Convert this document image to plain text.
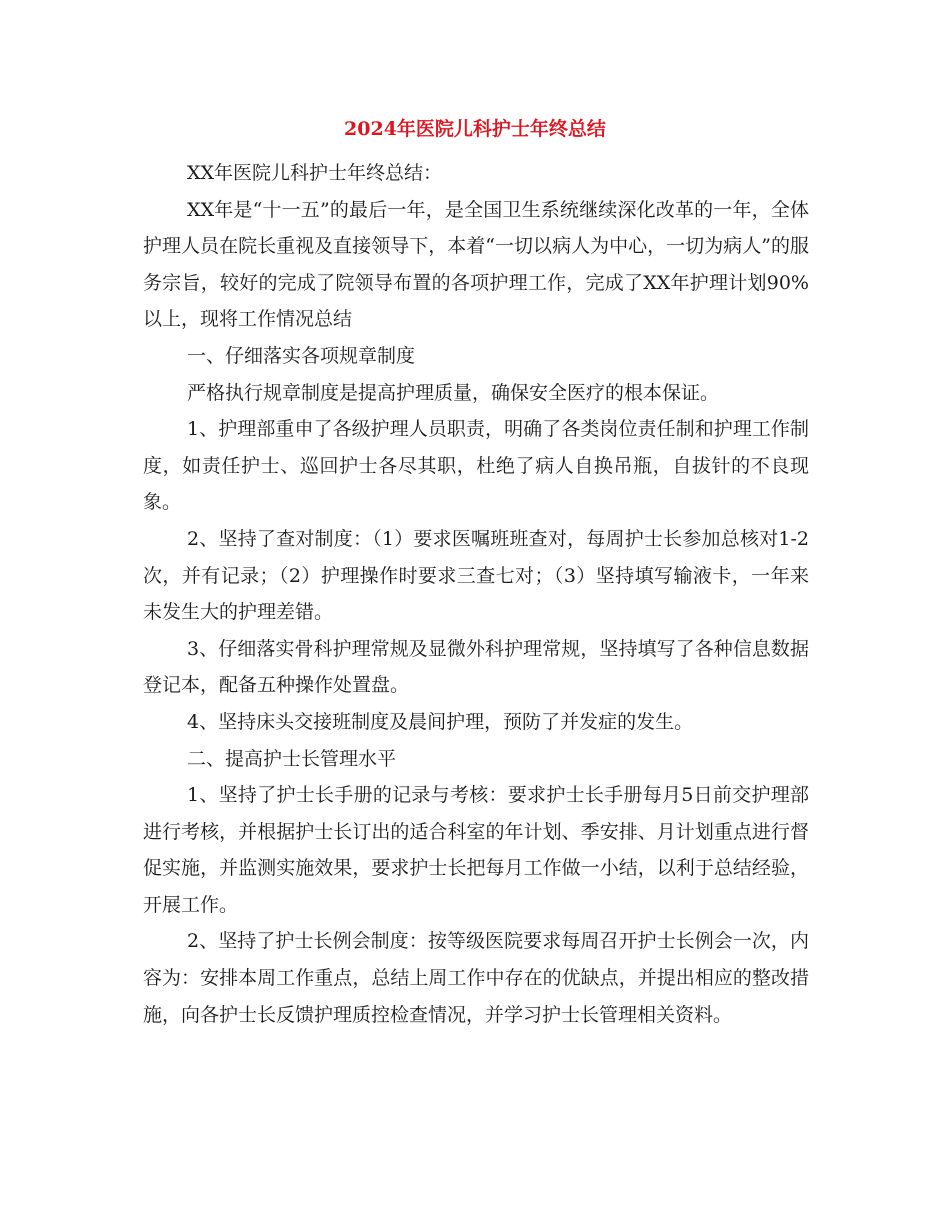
2024年医院儿科护士年终总结

XX年医院儿科护士年终总结：

XX年是“十一五”的最后一年，是全国卫生系统继续深化改革的一年，全体护理人员在院长重视及直接领导下，本着“一切以病人为中心，一切为病人”的服务宗旨，较好的完成了院领导布置的各项护理工作，完成了XX年护理计划90%以上，现将工作情况总结

一、仔细落实各项规章制度

严格执行规章制度是提高护理质量，确保安全医疗的根本保证。

1、护理部重申了各级护理人员职责，明确了各类岗位责任制和护理工作制度，如责任护士、巡回护士各尽其职，杜绝了病人自换吊瓶，自拔针的不良现象。

2、坚持了查对制度：（1）要求医嘱班班查对，每周护士长参加总核对1-2次，并有记录；（2）护理操作时要求三查七对；（3）坚持填写输液卡，一年来未发生大的护理差错。

3、仔细落实骨科护理常规及显微外科护理常规，坚持填写了各种信息数据登记本，配备五种操作处置盘。

4、坚持床头交接班制度及晨间护理，预防了并发症的发生。

二、提高护士长管理水平

1、坚持了护士长手册的记录与考核：要求护士长手册每月5日前交护理部进行考核，并根据护士长订出的适合科室的年计划、季安排、月计划重点进行督促实施，并监测实施效果，要求护士长把每月工作做一小结，以利于总结经验，开展工作。

2、坚持了护士长例会制度：按等级医院要求每周召开护士长例会一次，内容为：安排本周工作重点，总结上周工作中存在的优缺点，并提出相应的整改措施，向各护士长反馈护理质控检查情况，并学习护士长管理相关资料。
